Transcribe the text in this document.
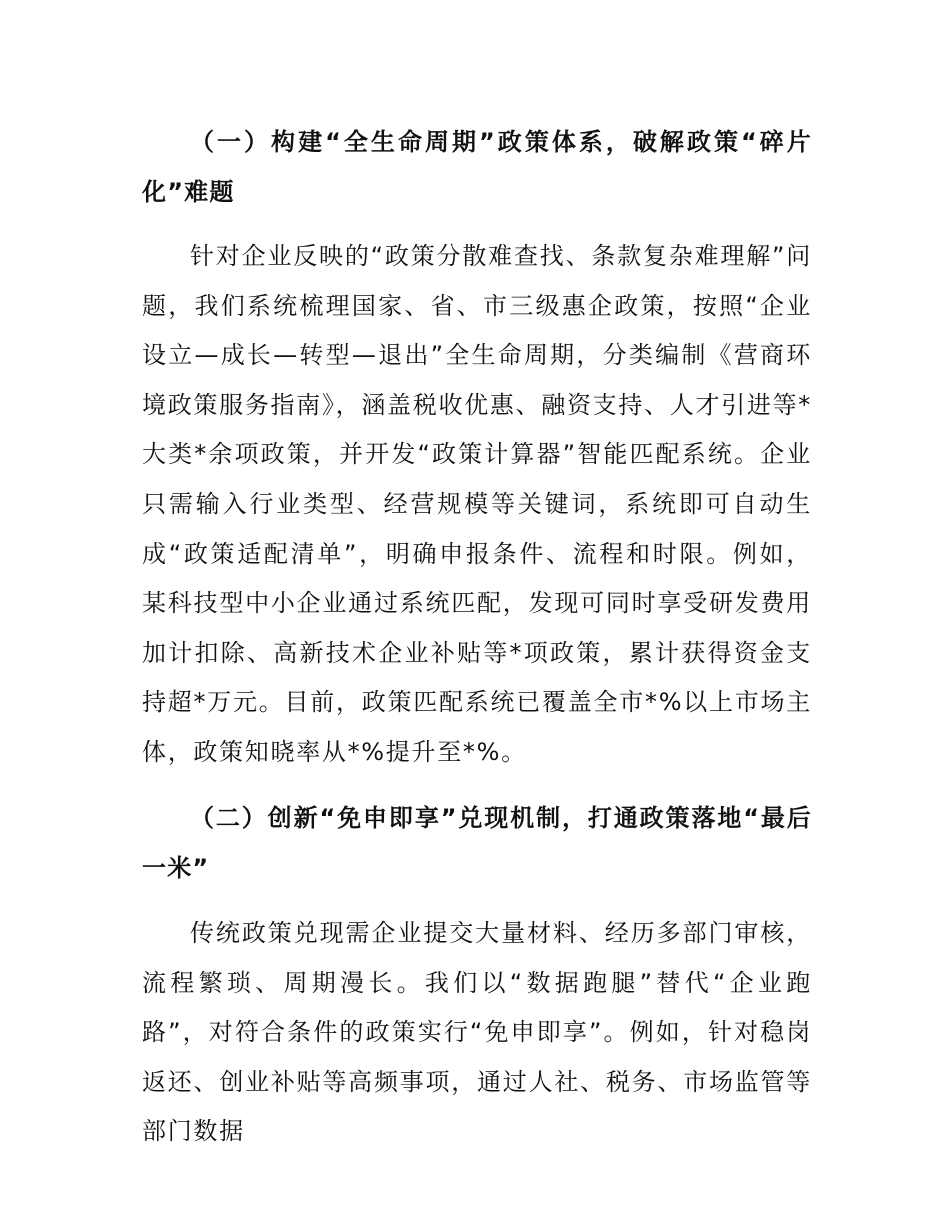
（一）构建“全生命周期”政策体系，破解政策“碎片化”难题

针对企业反映的“政策分散难查找、条款复杂难理解”问题，我们系统梳理国家、省、市三级惠企政策，按照“企业设立—成长—转型—退出”全生命周期，分类编制《营商环境政策服务指南》，涵盖税收优惠、融资支持、人才引进等*大类*余项政策，并开发“政策计算器”智能匹配系统。企业只需输入行业类型、经营规模等关键词，系统即可自动生成“政策适配清单”，明确申报条件、流程和时限。例如，某科技型中小企业通过系统匹配，发现可同时享受研发费用加计扣除、高新技术企业补贴等*项政策，累计获得资金支持超*万元。目前，政策匹配系统已覆盖全市*%以上市场主体，政策知晓率从*%提升至*%。

（二）创新“免申即享”兑现机制，打通政策落地“最后一米”

传统政策兑现需企业提交大量材料、经历多部门审核，流程繁琐、周期漫长。我们以“数据跑腿”替代“企业跑路”，对符合条件的政策实行“免申即享”。例如，针对稳岗返还、创业补贴等高频事项，通过人社、税务、市场监管等部门数据
